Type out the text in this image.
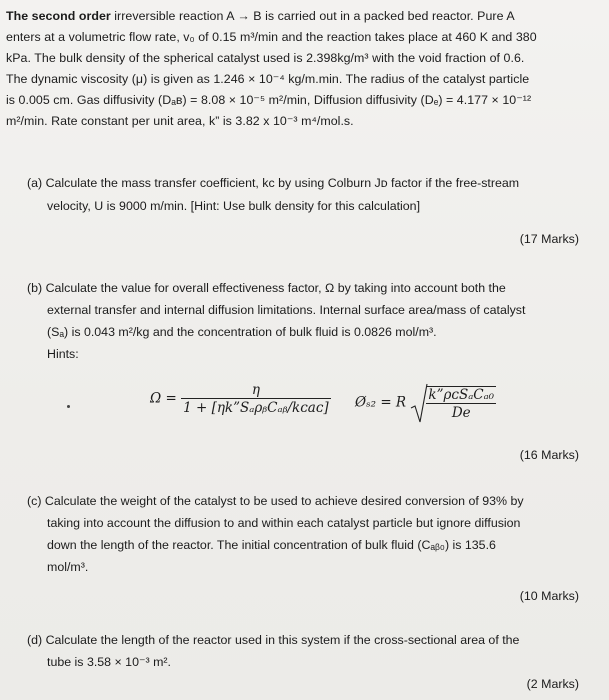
The second order irreversible reaction A → B is carried out in a packed bed reactor. Pure A

enters at a volumetric flow rate, v₀ of 0.15 m³/min and the reaction takes place at 460 K and 380

kPa. The bulk density of the spherical catalyst used is 2.398kg/m³ with the void fraction of 0.6.

The dynamic viscosity (μ) is given as 1.246 × 10⁻⁴ kg/m.min. The radius of the catalyst particle

is 0.005 cm. Gas diffusivity (Dₐʙ) = 8.08 × 10⁻⁵ m²/min, Diffusion diffusivity (Dₑ) = 4.177 × 10⁻¹²

m²/min. Rate constant per unit area, k” is 3.82 x 10⁻³ m⁴/mol.s.

(a) Calculate the mass transfer coefficient, kᴄ by using Colburn Jᴅ factor if the free-stream
velocity, U is 9000 m/min. [Hint: Use bulk density for this calculation]
(17 Marks)
(b) Calculate the value for overall effectiveness factor, Ω by taking into account both the
external transfer and internal diffusion limitations. Internal surface area/mass of catalyst
(Sₐ) is 0.043 m²/kg and the concentration of bulk fluid is 0.0826 mol/m³.
Hints:
$\Omega = \frac{\eta}{\text{1 + [ηk”SₐρᵦCₐᵦ/kᴄaᴄ]}}$ Øₛ₂ = R $\frac{\text{k”ρᴄSₐCₐ₀}}{De}$
(16 Marks)
(c) Calculate the weight of the catalyst to be used to achieve desired conversion of 93% by
taking into account the diffusion to and within each catalyst particle but ignore diffusion
down the length of the reactor. The initial concentration of bulk fluid (Cₐᵦ₀) is 135.6
mol/m³.
(10 Marks)
(d) Calculate the length of the reactor used in this system if the cross-sectional area of the
tube is 3.58 × 10⁻³ m².
(2 Marks)
